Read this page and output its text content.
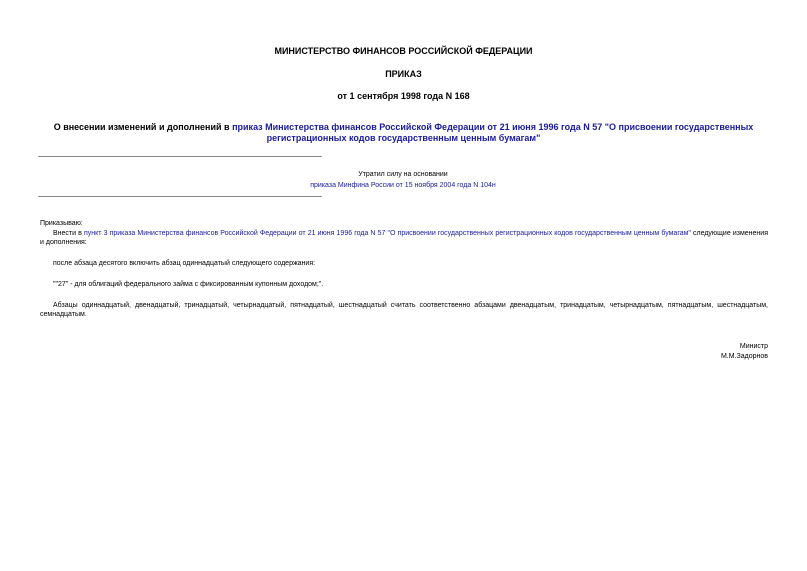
МИНИСТЕРСТВО ФИНАНСОВ РОССИЙСКОЙ ФЕДЕРАЦИИ
ПРИКАЗ
от 1 сентября 1998 года N 168
О внесении изменений и дополнений в приказ Министерства финансов Российской Федерации от 21 июня 1996 года N 57 "О присвоении государственных регистрационных кодов государственным ценным бумагам"
Утратил силу на основании
приказа Минфина России от 15 ноября 2004 года N 104н
Приказываю:
Внести в пункт 3 приказа Министерства финансов Российской Федерации от 21 июня 1996 года N 57 "О присвоении государственных регистрационных кодов государственным ценным бумагам" следующие изменения и дополнения:
после абзаца десятого включить абзац одиннадцатый следующего содержания:
""27" - для облигаций федерального займа с фиксированным купонным доходом;".
Абзацы одиннадцатый, двенадцатый, тринадцатый, четырнадцатый, пятнадцатый, шестнадцатый считать соответственно абзацами двенадцатым, тринадцатым, четырнадцатым, пятнадцатым, шестнадцатым, семнадцатым.
Министр
М.М.Задорнов
